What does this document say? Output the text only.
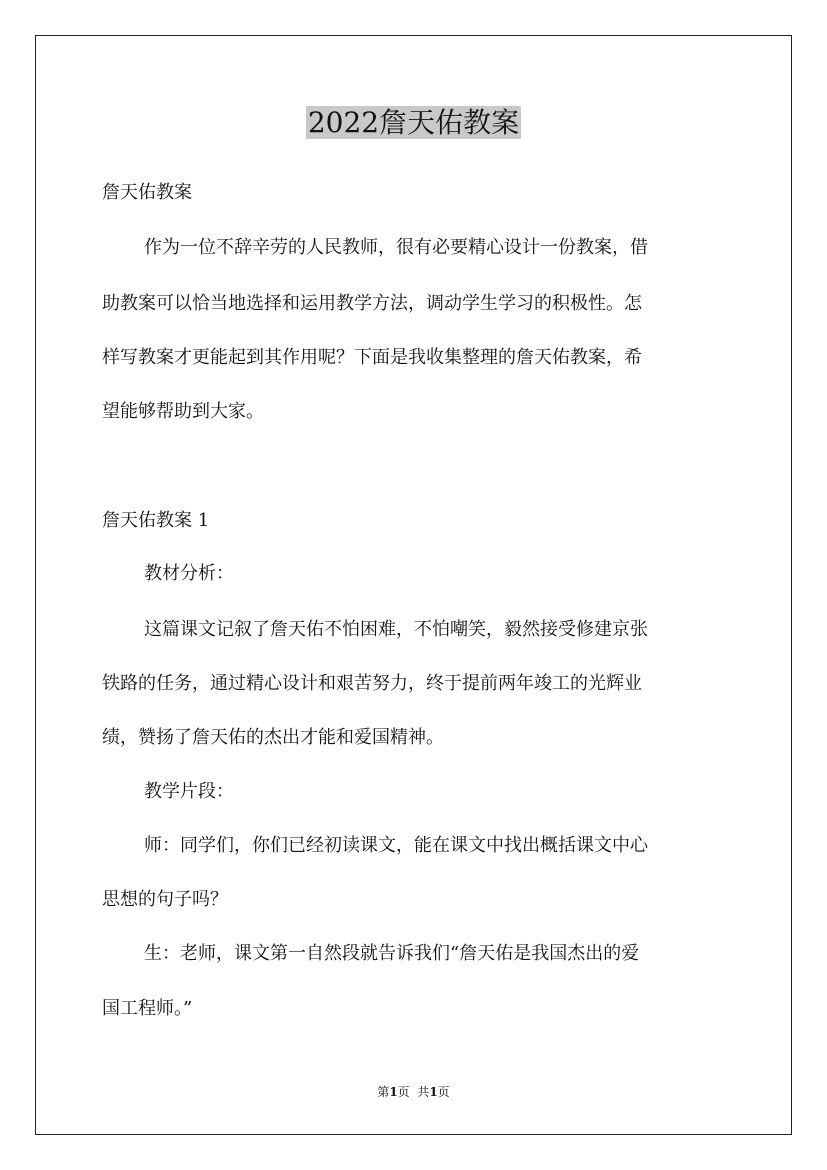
2022詹天佑教案
詹天佑教案
作为一位不辞辛劳的人民教师，很有必要精心设计一份教案，借
助教案可以恰当地选择和运用教学方法，调动学生学习的积极性。怎
样写教案才更能起到其作用呢？下面是我收集整理的詹天佑教案，希
望能够帮助到大家。
詹天佑教案 1
教材分析：
这篇课文记叙了詹天佑不怕困难，不怕嘲笑，毅然接受修建京张
铁路的任务，通过精心设计和艰苦努力，终于提前两年竣工的光辉业
绩，赞扬了詹天佑的杰出才能和爱国精神。
教学片段：
师：同学们，你们已经初读课文，能在课文中找出概括课文中心
思想的句子吗？
生：老师，课文第一自然段就告诉我们“詹天佑是我国杰出的爱
国工程师。”
第1页  共1页
